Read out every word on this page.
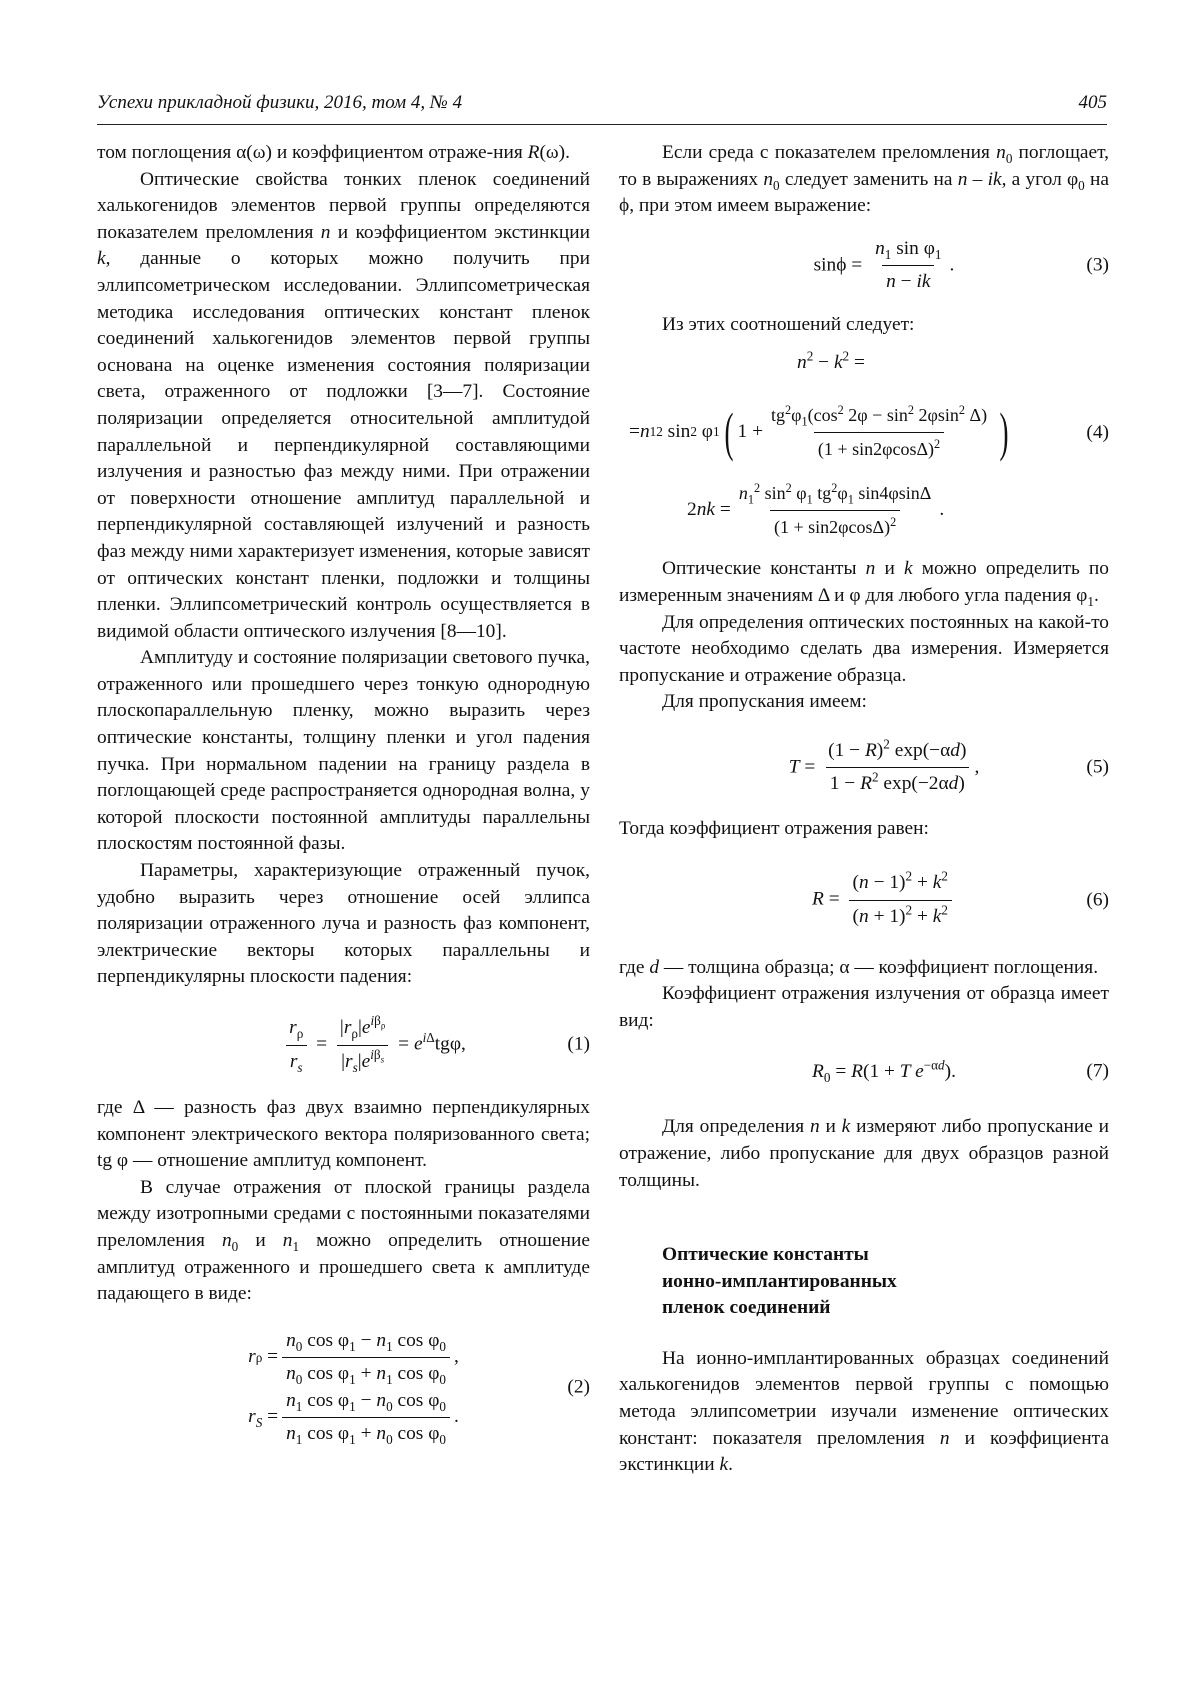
Успехи прикладной физики, 2016, том 4, № 4	405

том поглощения α(ω) и коэффициентом отраже-ния R(ω).

Оптические свойства тонких пленок соединений халькогенидов элементов первой группы определяются показателем преломления n и коэффициентом экстинкции k, данные о которых можно получить при эллипсометрическом исследовании. Эллипсометрическая методика исследования оптических констант пленок соединений халькогенидов элементов первой группы основана на оценке изменения состояния поляризации света, отраженного от подложки [3—7]. Состояние поляризации определяется относительной амплитудой параллельной и перпендикулярной составляющими излучения и разностью фаз между ними. При отражении от поверхности отношение амплитуд параллельной и перпендикулярной составляющей излучений и разность фаз между ними характеризует изменения, которые зависят от оптических констант пленки, подложки и толщины пленки. Эллипсометрический контроль осуществляется в видимой области оптического излучения [8—10].

Амплитуду и состояние поляризации светового пучка, отраженного или прошедшего через тонкую однородную плоскопараллельную пленку, можно выразить через оптические константы, толщину пленки и угол падения пучка. При нормальном падении на границу раздела в поглощающей среде распространяется однородная волна, у которой плоскости постоянной амплитуды параллельны плоскостям постоянной фазы.

Параметры, характеризующие отраженный пучок, удобно выразить через отношение осей эллипса поляризации отраженного луча и разность фаз компонент, электрические векторы которых параллельны и перпендикулярны плоскости падения:

$\frac{r_\rho}{r_s} = \frac{|r_\rho|e^{i\beta_\rho}}{|r_s|e^{i\beta_s}} = e^{i\Delta}tg\varphi$,	(1)

где Δ — разность фаз двух взаимно перпендикулярных компонент электрического вектора поляризованного света; tg φ — отношение амплитуд компонент.

В случае отражения от плоской границы раздела между изотропными средами с постоянными показателями преломления $n_0$ и $n_1$ можно определить отношение амплитуд отраженного и прошедшего света к амплитуде падающего в виде:

r $\rho = \frac{n_0 \cos \varphi_1 - n_1 \cos \varphi_0}{n_0 \cos \varphi_1 + n_1 \cos \varphi_0}$ ,
$r_S = \frac{n_1 \cos \varphi_1 - n_0 \cos \varphi_0}{n_1 \cos \varphi_1 + n_0 \cos \varphi_0}$ .
(2)

Если среда с показателем преломления $n_0$ поглощает, то в выражениях $n_0$ следует заменить на n – ik, а угол $\varphi_0$ на ϕ, при этом имеем выражение:

$\sin\phi = \frac{n_1 \sin \varphi_1}{n - ik}$ .	(3)

Из этих соотношений следует:

$n^2 - k^2$ =
= n 1 2 sin 2 φ 1 ( $1 + \frac{tg^2\varphi_1(\cos^2 2\varphi - \sin^2 2\varphi\sin^2 \Delta)}{(1 + \sin 2\varphi\cos\Delta)^2}$ )	(4)
2 nk = $\frac{n_1^2 \sin^2 \varphi_1 tg^2\varphi_1 \sin 4\varphi\sin\Delta}{(1 + \sin 2\varphi\cos\Delta)^2}$ .

Оптические константы n и k можно определить по измеренным значениям Δ и φ для любого угла падения $\varphi_1$.

Для определения оптических постоянных на какой-то частоте необходимо сделать два измерения. Измеряется пропускание и отражение образца.

Для пропускания имеем:

$T = \frac{(1 - R)^2 \exp(-\alpha d)}{1 - R^2 \exp(-2\alpha d)}$ ,	(5)

Тогда коэффициент отражения равен:

$R = \frac{(n - 1)^2 + k^2}{(n + 1)^2 + k^2}$	(6)

где d — толщина образца; α — коэффициент поглощения.

Коэффициент отражения излучения от образца имеет вид:

$R_0 = R(1 + T$ $e^{-\alpha d}$).	(7)

Для определения n и k измеряют либо пропускание и отражение, либо пропускание для двух образцов разной толщины.

Оптические константы

ионно-имплантированных

пленок соединений

На ионно-имплантированных образцах соединений халькогенидов элементов первой группы с помощью метода эллипсометрии изучали изменение оптических констант: показателя преломления n и коэффициента экстинкции k.
